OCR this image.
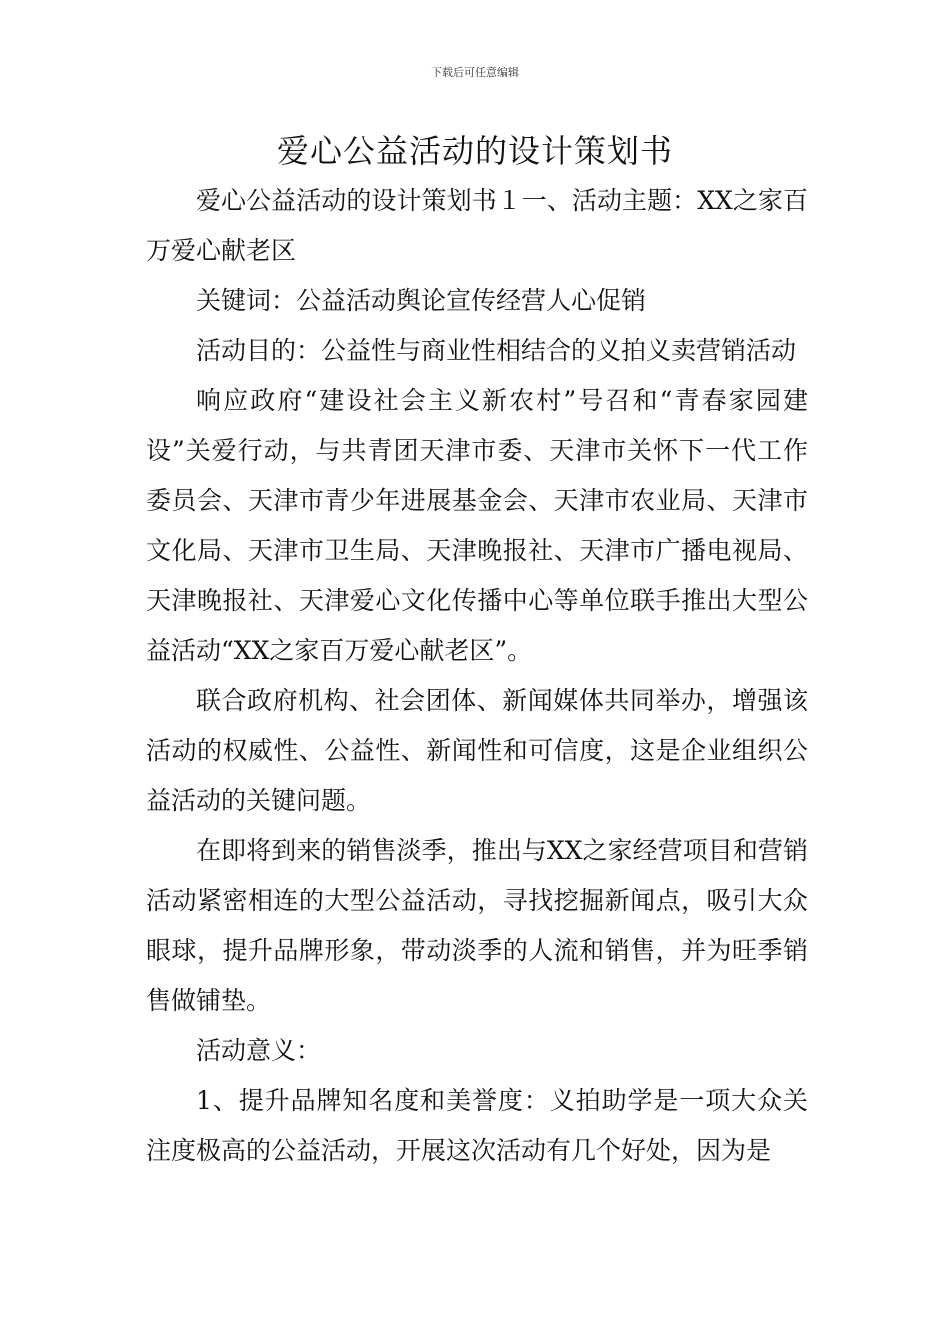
下载后可任意编辑
爱心公益活动的设计策划书

爱心公益活动的设计策划书１一、活动主题：XX之家百万爱心献老区

关键词：公益活动舆论宣传经营人心促销

活动目的：公益性与商业性相结合的义拍义卖营销活动

响应政府“建设社会主义新农村”号召和“青春家园建设”关爱行动，与共青团天津市委、天津市关怀下一代工作委员会、天津市青少年进展基金会、天津市农业局、天津市文化局、天津市卫生局、天津晚报社、天津市广播电视局、天津晚报社、天津爱心文化传播中心等单位联手推出大型公益活动“XX之家百万爱心献老区”。

联合政府机构、社会团体、新闻媒体共同举办，增强该活动的权威性、公益性、新闻性和可信度，这是企业组织公益活动的关键问题。

在即将到来的销售淡季，推出与XX之家经营项目和营销活动紧密相连的大型公益活动，寻找挖掘新闻点，吸引大众眼球，提升品牌形象，带动淡季的人流和销售，并为旺季销售做铺垫。

活动意义：

1、提升品牌知名度和美誉度：义拍助学是一项大众关注度极高的公益活动，开展这次活动有几个好处，因为是
